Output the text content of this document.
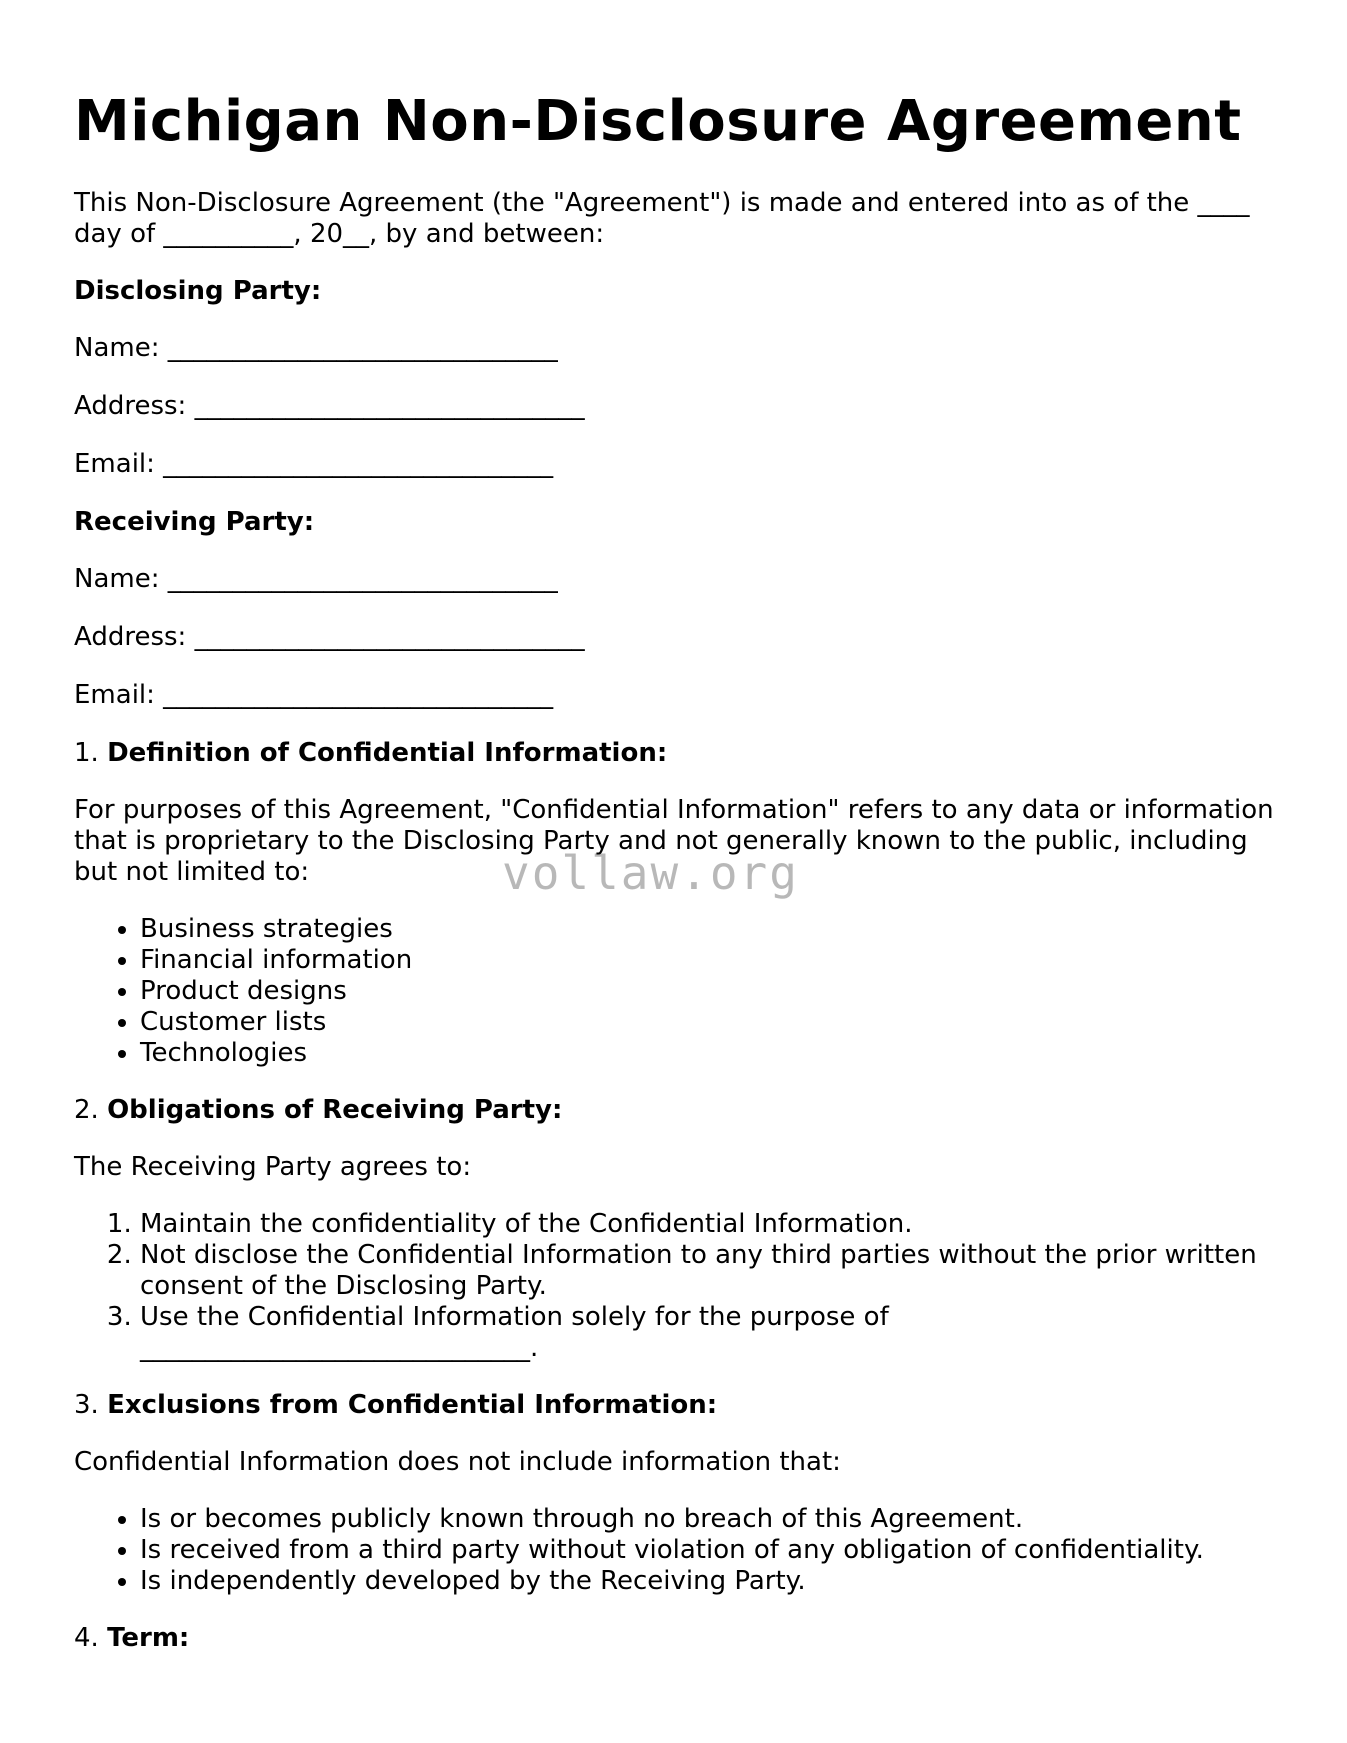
Michigan Non-Disclosure Agreement

This Non-Disclosure Agreement (the "Agreement") is made and entered into as of the ____ day of __________, 20__, by and between:

Disclosing Party:

Name: ______________________________
Address: ______________________________
Email: ______________________________

Receiving Party:

Name: ______________________________
Address: ______________________________
Email: ______________________________

1. Definition of Confidential Information:

For purposes of this Agreement, "Confidential Information" refers to any data or information that is proprietary to the Disclosing Party and not generally known to the public, including but not limited to:

• Business strategies
• Financial information
• Product designs
• Customer lists
• Technologies

2. Obligations of Receiving Party:

The Receiving Party agrees to:

1. Maintain the confidentiality of the Confidential Information.
2. Not disclose the Confidential Information to any third parties without the prior written consent of the Disclosing Party.
3. Use the Confidential Information solely for the purpose of ______________________________.

3. Exclusions from Confidential Information:

Confidential Information does not include information that:

• Is or becomes publicly known through no breach of this Agreement.
• Is received from a third party without violation of any obligation of confidentiality.
• Is independently developed by the Receiving Party.

4. Term:

vollaw.org
